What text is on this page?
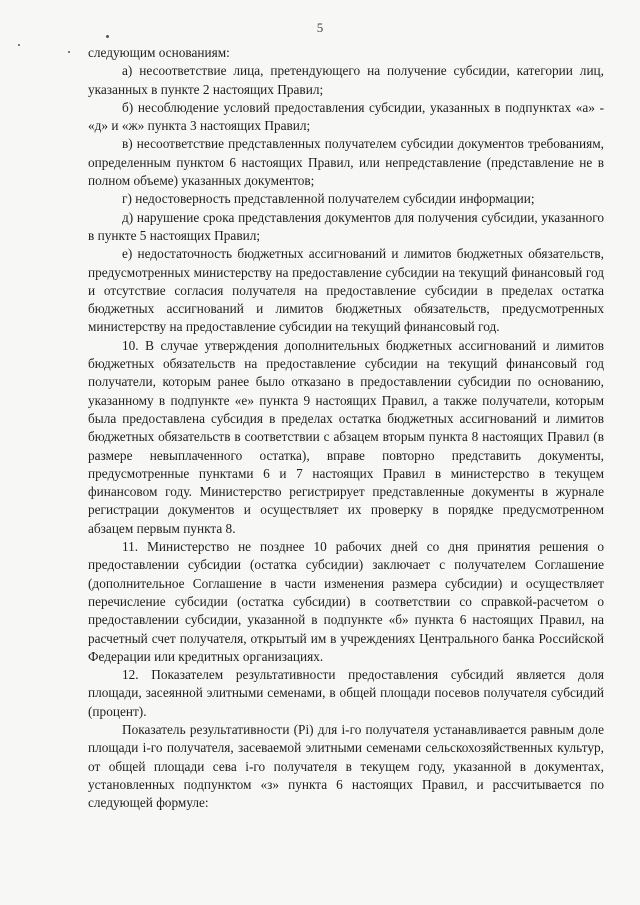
5

следующим основаниям:

а) несоответствие лица, претендующего на получение субсидии, категории лиц, указанных в пункте 2 настоящих Правил;

б) несоблюдение условий предоставления субсидии, указанных в подпунктах «а» - «д» и «ж» пункта 3 настоящих Правил;

в) несоответствие представленных получателем субсидии документов требованиям, определенным пунктом 6 настоящих Правил, или непредставление (представление не в полном объеме) указанных документов;

г) недостоверность представленной получателем субсидии информации;

д) нарушение срока представления документов для получения субсидии, указанного в пункте 5 настоящих Правил;

е) недостаточность бюджетных ассигнований и лимитов бюджетных обязательств, предусмотренных министерству на предоставление субсидии на текущий финансовый год и отсутствие согласия получателя на предоставление субсидии в пределах остатка бюджетных ассигнований и лимитов бюджетных обязательств, предусмотренных министерству на предоставление субсидии на текущий финансовый год.

10. В случае утверждения дополнительных бюджетных ассигнований и лимитов бюджетных обязательств на предоставление субсидии на текущий финансовый год получатели, которым ранее было отказано в предоставлении субсидии по основанию, указанному в подпункте «е» пункта 9 настоящих Правил, а также получатели, которым была предоставлена субсидия в пределах остатка бюджетных ассигнований и лимитов бюджетных обязательств в соответствии с абзацем вторым пункта 8 настоящих Правил (в размере невыплаченного остатка), вправе повторно представить документы, предусмотренные пунктами 6 и 7 настоящих Правил в министерство в текущем финансовом году. Министерство регистрирует представленные документы в журнале регистрации документов и осуществляет их проверку в порядке предусмотренном абзацем первым пункта 8.

11. Министерство не позднее 10 рабочих дней со дня принятия решения о предоставлении субсидии (остатка субсидии) заключает с получателем Соглашение (дополнительное Соглашение в части изменения размера субсидии) и осуществляет перечисление субсидии (остатка субсидии) в соответствии со справкой-расчетом о предоставлении субсидии, указанной в подпункте «б» пункта 6 настоящих Правил, на расчетный счет получателя, открытый им в учреждениях Центрального банка Российской Федерации или кредитных организациях.

12. Показателем результативности предоставления субсидий является доля площади, засеянной элитными семенами, в общей площади посевов получателя субсидий (процент).

Показатель результативности (Pi) для i-го получателя устанавливается равным доле площади i-го получателя, засеваемой элитными семенами сельскохозяйственных культур, от общей площади сева i-го получателя в текущем году, указанной в документах, установленных подпунктом «з» пункта 6 настоящих Правил, и рассчитывается по следующей формуле:
